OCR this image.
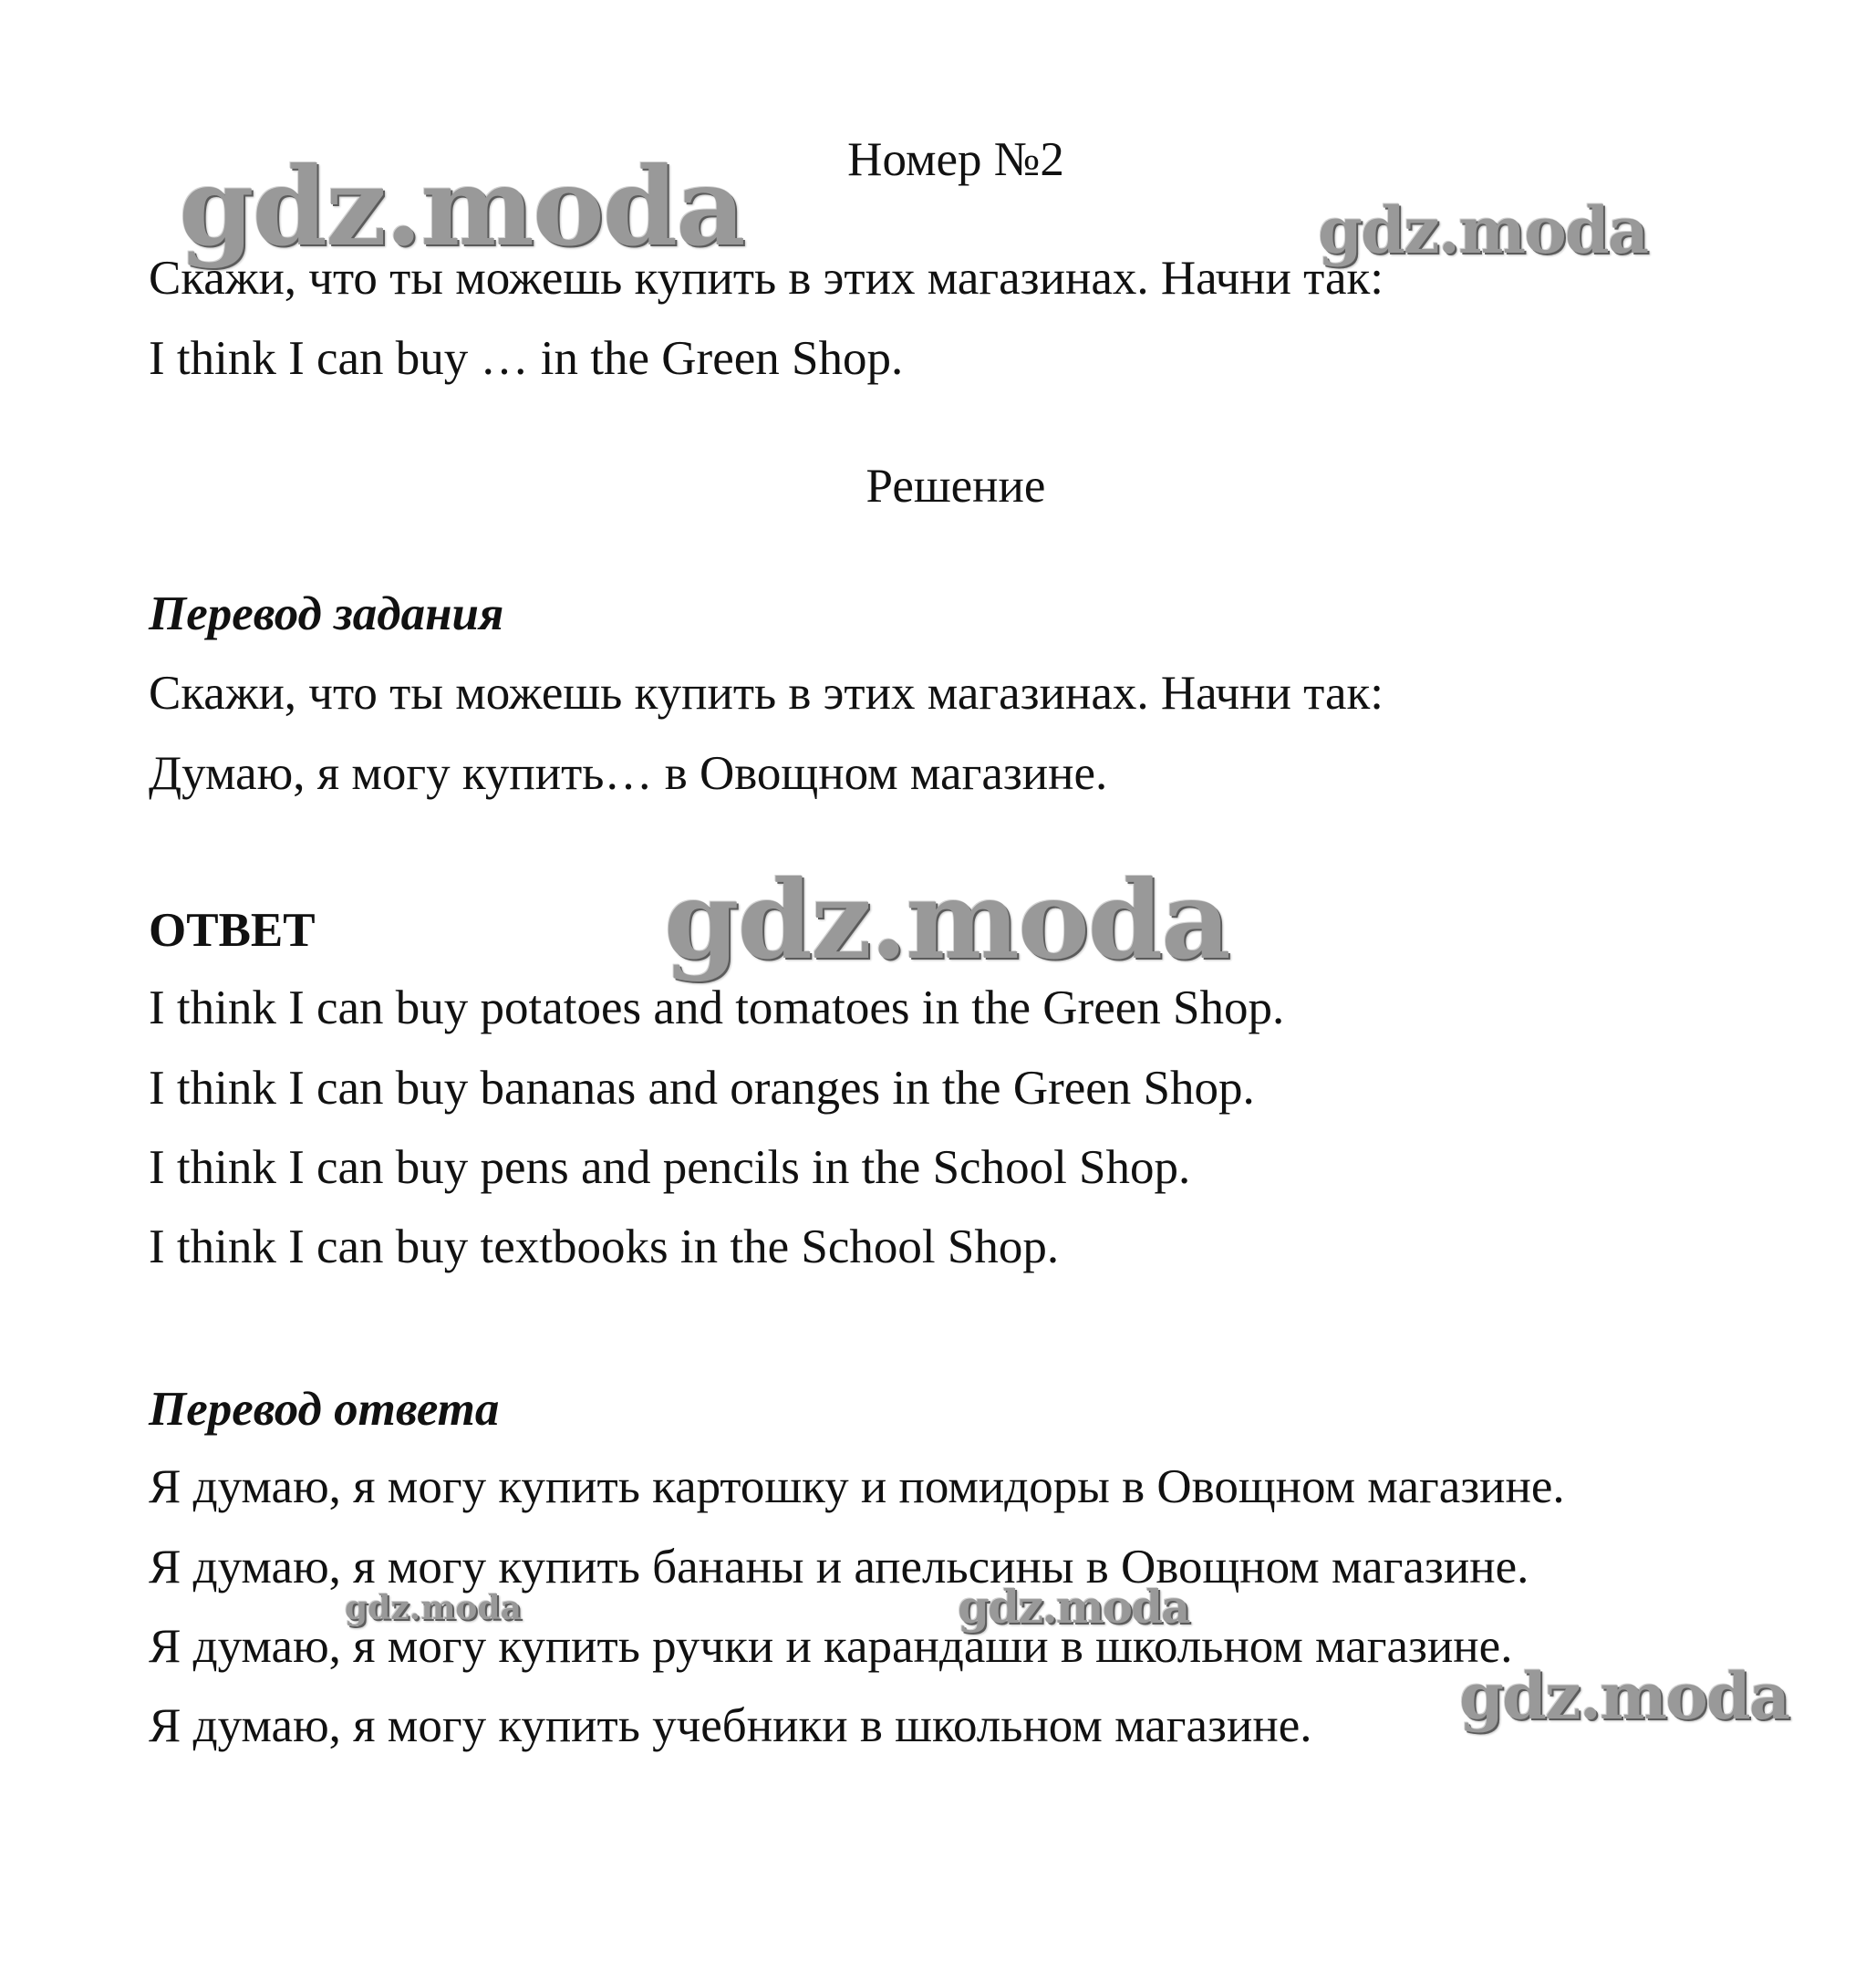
gdz.moda	gdz.moda
gdz.moda
gdz.moda	gdz.moda
gdz.moda

Номер №2

Скажи, что ты можешь купить в этих магазинах. Начни так:

I think I can buy … in the Green Shop.

Решение

Перевод задания

Скажи, что ты можешь купить в этих магазинах. Начни так:

Думаю, я могу купить… в Овощном магазине.

ОТВЕТ

I think I can buy potatoes and tomatoes in the Green Shop.

I think I can buy bananas and oranges in the Green Shop.

I think I can buy pens and pencils in the School Shop.

I think I can buy textbooks in the School Shop.

Перевод ответа

Я думаю, я могу купить картошку и помидоры в Овощном магазине.

Я думаю, я могу купить бананы и апельсины в Овощном магазине.

Я думаю, я могу купить ручки и карандаши в школьном магазине.

Я думаю, я могу купить учебники в школьном магазине.
